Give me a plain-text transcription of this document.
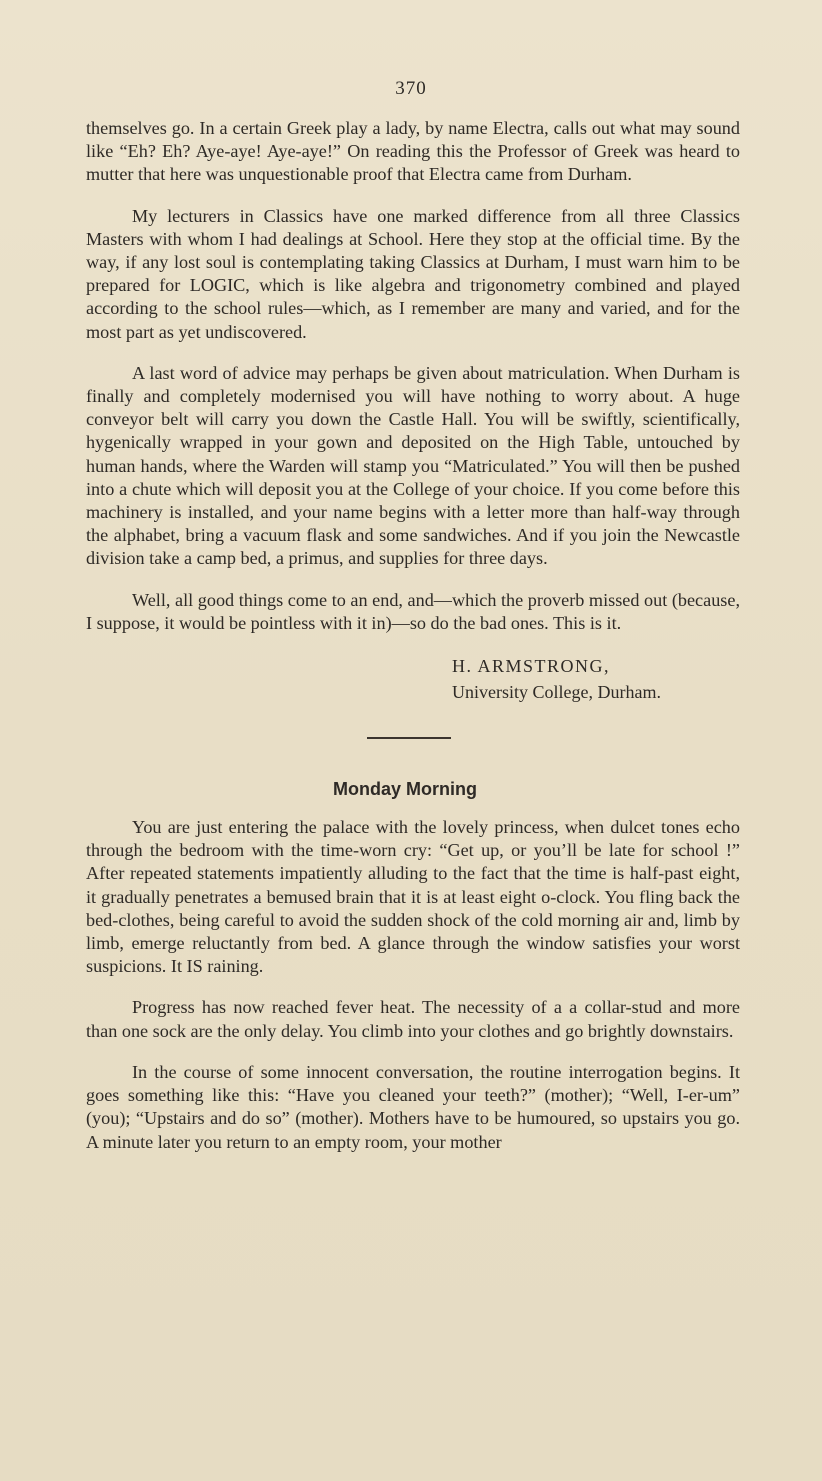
370

themselves go. In a certain Greek play a lady, by name Electra, calls out what may sound like “Eh? Eh? Aye-aye! Aye-aye!” On reading this the Professor of Greek was heard to mutter that here was unquestionable proof that Electra came from Durham.

My lecturers in Classics have one marked difference from all three Classics Masters with whom I had dealings at School. Here they stop at the official time. By the way, if any lost soul is contemplating taking Classics at Durham, I must warn him to be prepared for LOGIC, which is like algebra and trigonometry combined and played according to the school rules—which, as I remember are many and varied, and for the most part as yet undiscovered.

A last word of advice may perhaps be given about matriculation. When Durham is finally and completely modernised you will have nothing to worry about. A huge conveyor belt will carry you down the Castle Hall. You will be swiftly, scientifically, hygenically wrapped in your gown and deposited on the High Table, untouched by human hands, where the Warden will stamp you “Matriculated.” You will then be pushed into a chute which will deposit you at the College of your choice. If you come before this machinery is installed, and your name begins with a letter more than half-way through the alphabet, bring a vacuum flask and some sandwiches. And if you join the Newcastle division take a camp bed, a primus, and supplies for three days.

Well, all good things come to an end, and—which the proverb missed out (because, I suppose, it would be pointless with it in)—so do the bad ones. This is it.

H. ARMSTRONG,
University College, Durham.
Monday Morning

You are just entering the palace with the lovely princess, when dulcet tones echo through the bedroom with the time-worn cry: “Get up, or you’ll be late for school !” After repeated statements impatiently alluding to the fact that the time is half-past eight, it gradually penetrates a bemused brain that it is at least eight o-clock. You fling back the bed-clothes, being careful to avoid the sudden shock of the cold morning air and, limb by limb, emerge reluctantly from bed. A glance through the window satisfies your worst suspicions. It IS raining.

Progress has now reached fever heat. The necessity of a a collar-stud and more than one sock are the only delay. You climb into your clothes and go brightly downstairs.

In the course of some innocent conversation, the routine interrogation begins. It goes something like this: “Have you cleaned your teeth?” (mother); “Well, I-er-um” (you); “Upstairs and do so” (mother). Mothers have to be humoured, so upstairs you go. A minute later you return to an empty room, your mother
